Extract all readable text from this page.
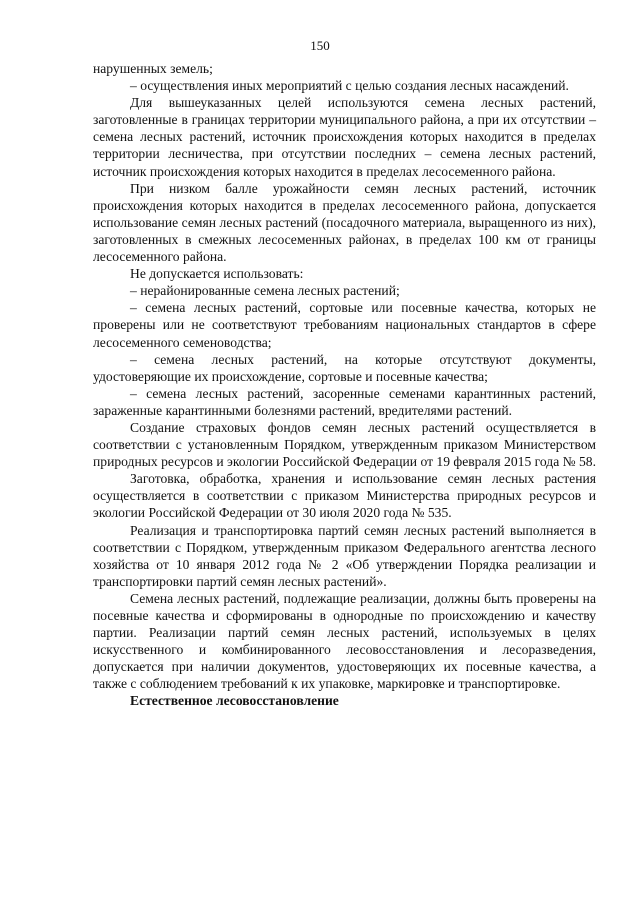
150

нарушенных земель;

– осуществления иных мероприятий с целью создания лесных насаждений.

Для вышеуказанных целей используются семена лесных растений, заготовленные в границах территории муниципального района, а при их отсутствии – семена лесных растений, источник происхождения которых находится в пределах территории лесничества, при отсутствии последних – семена лесных растений, источник происхождения которых находится в пределах лесосеменного района.

При низком балле урожайности семян лесных растений, источник происхождения которых находится в пределах лесосеменного района, допускается использование семян лесных растений (посадочного материала, выращенного из них), заготовленных в смежных лесосеменных районах, в пределах 100 км от границы лесосеменного района.

Не допускается использовать:

– нерайонированные семена лесных растений;

– семена лесных растений, сортовые или посевные качества, которых не проверены или не соответствуют требованиям национальных стандартов в сфере лесосеменного семеноводства;

– семена лесных растений, на которые отсутствуют документы, удостоверяющие их происхождение, сортовые и посевные качества;

– семена лесных растений, засоренные семенами карантинных растений, зараженные карантинными болезнями растений, вредителями растений.

Создание страховых фондов семян лесных растений осуществляется в соответствии с установленным Порядком, утвержденным приказом Министерством природных ресурсов и экологии Российской Федерации от 19 февраля 2015 года № 58.

Заготовка, обработка, хранения и использование семян лесных растения осуществляется в соответствии с приказом Министерства природных ресурсов и экологии Российской Федерации от 30 июля 2020 года № 535.

Реализация и транспортировка партий семян лесных растений выполняется в соответствии с Порядком, утвержденным приказом Федерального агентства лесного хозяйства от 10 января 2012 года № 2 «Об утверждении Порядка реализации и транспортировки партий семян лесных растений».

Семена лесных растений, подлежащие реализации, должны быть проверены на посевные качества и сформированы в однородные по происхождению и качеству партии. Реализации партий семян лесных растений, используемых в целях искусственного и комбинированного лесовосстановления и лесоразведения, допускается при наличии документов, удостоверяющих их посевные качества, а также с соблюдением требований к их упаковке, маркировке и транспортировке.

Естественное лесовосстановление
